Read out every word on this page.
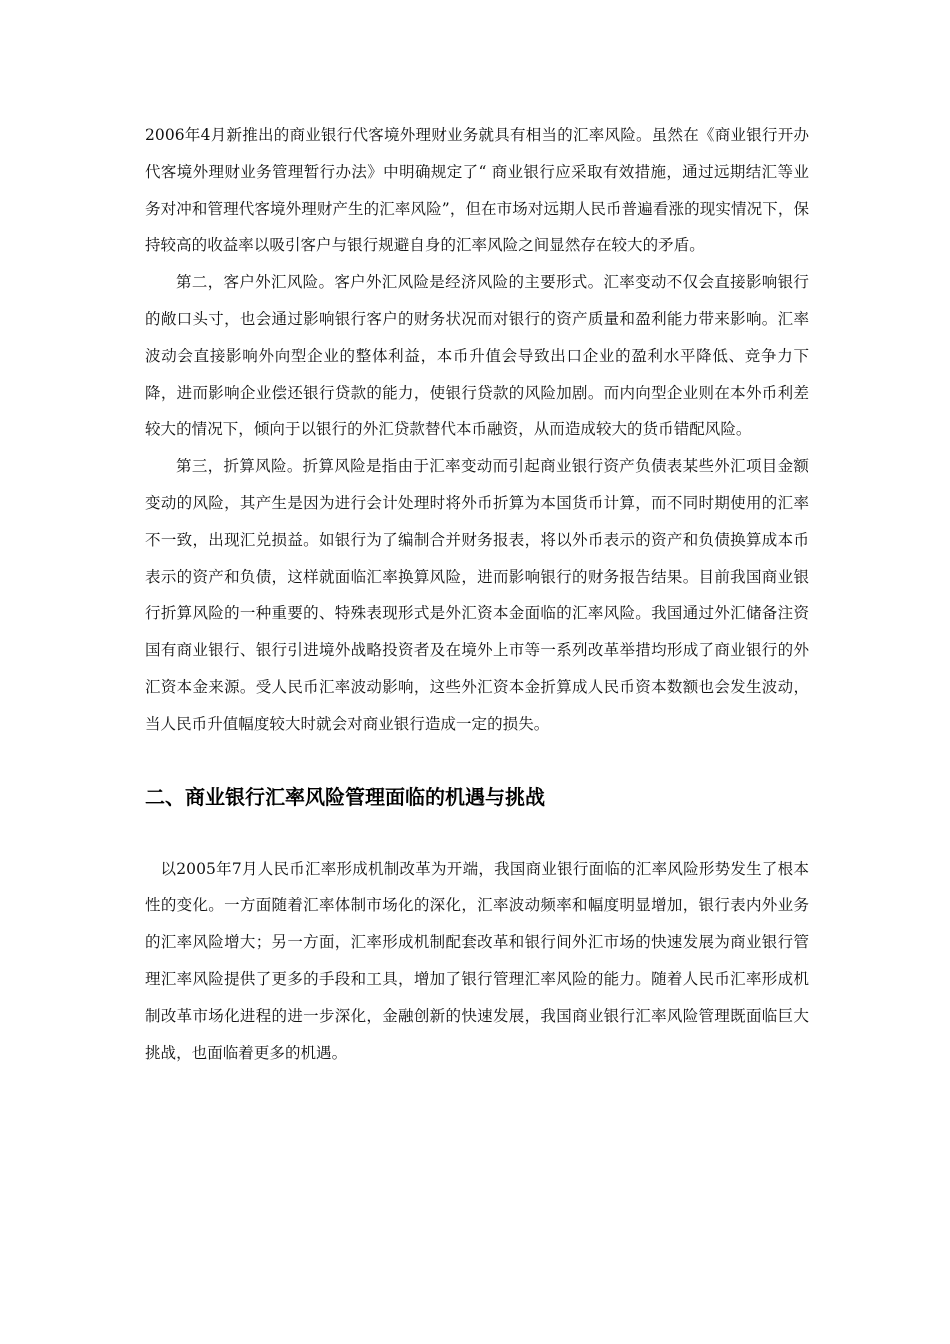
2006年4月新推出的商业银行代客境外理财业务就具有相当的汇率风险。虽然在《商业银行开办代客境外理财业务管理暂行办法》中明确规定了“ 商业银行应采取有效措施，通过远期结汇等业务对冲和管理代客境外理财产生的汇率风险”，但在市场对远期人民币普遍看涨的现实情况下，保持较高的收益率以吸引客户与银行规避自身的汇率风险之间显然存在较大的矛盾。

第二，客户外汇风险。客户外汇风险是经济风险的主要形式。汇率变动不仅会直接影响银行的敞口头寸，也会通过影响银行客户的财务状况而对银行的资产质量和盈利能力带来影响。汇率波动会直接影响外向型企业的整体利益，本币升值会导致出口企业的盈利水平降低、竞争力下降，进而影响企业偿还银行贷款的能力，使银行贷款的风险加剧。而内向型企业则在本外币利差较大的情况下，倾向于以银行的外汇贷款替代本币融资，从而造成较大的货币错配风险。

第三，折算风险。折算风险是指由于汇率变动而引起商业银行资产负债表某些外汇项目金额变动的风险，其产生是因为进行会计处理时将外币折算为本国货币计算，而不同时期使用的汇率不一致，出现汇兑损益。如银行为了编制合并财务报表，将以外币表示的资产和负债换算成本币表示的资产和负债，这样就面临汇率换算风险，进而影响银行的财务报告结果。目前我国商业银行折算风险的一种重要的、特殊表现形式是外汇资本金面临的汇率风险。我国通过外汇储备注资国有商业银行、银行引进境外战略投资者及在境外上市等一系列改革举措均形成了商业银行的外汇资本金来源。受人民币汇率波动影响，这些外汇资本金折算成人民币资本数额也会发生波动，当人民币升值幅度较大时就会对商业银行造成一定的损失。

二、商业银行汇率风险管理面临的机遇与挑战

以2005年7月人民币汇率形成机制改革为开端，我国商业银行面临的汇率风险形势发生了根本性的变化。一方面随着汇率体制市场化的深化，汇率波动频率和幅度明显增加，银行表内外业务的汇率风险增大；另一方面，汇率形成机制配套改革和银行间外汇市场的快速发展为商业银行管理汇率风险提供了更多的手段和工具，增加了银行管理汇率风险的能力。随着人民币汇率形成机制改革市场化进程的进一步深化，金融创新的快速发展，我国商业银行汇率风险管理既面临巨大挑战，也面临着更多的机遇。
